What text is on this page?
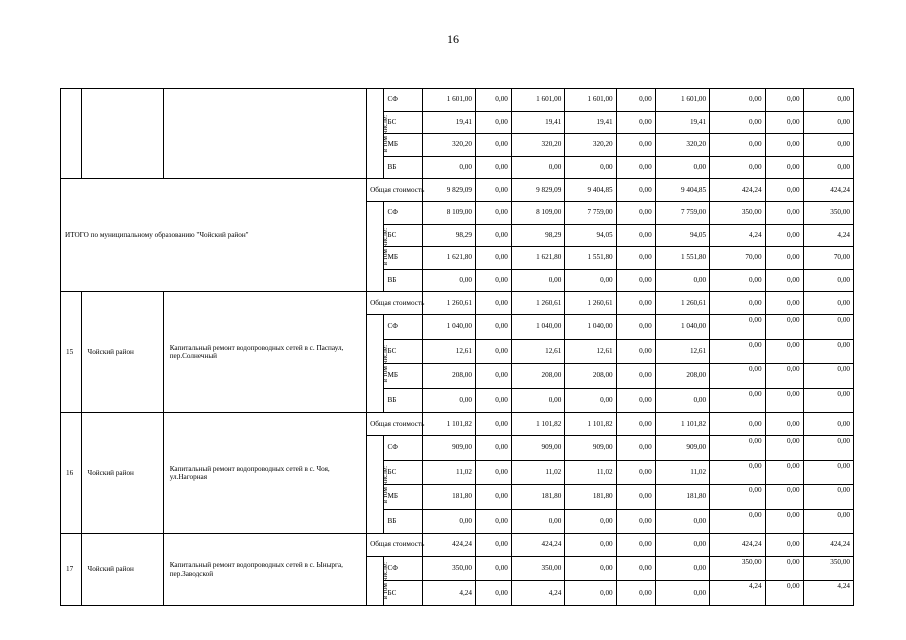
16
			в том числе:	СФ	1 601,00	0,00	1 601,00	1 601,00	0,00	1 601,00	0,00	0,00	0,00
				БС	19,41	0,00	19,41	19,41	0,00	19,41	0,00	0,00	0,00
				МБ	320,20	0,00	320,20	320,20	0,00	320,20	0,00	0,00	0,00
				ВБ	0,00	0,00	0,00	0,00	0,00	0,00	0,00	0,00	0,00
ИТОГО по муниципальному образованию "Чойский район"			Общая стоимость		9 829,09	0,00	9 829,09	9 404,85	0,00	9 404,85	424,24	0,00	424,24
			в том числе:	СФ	8 109,00	0,00	8 109,00	7 759,00	0,00	7 759,00	350,00	0,00	350,00
				БС	98,29	0,00	98,29	94,05	0,00	94,05	4,24	0,00	4,24
				МБ	1 621,80	0,00	1 621,80	1 551,80	0,00	1 551,80	70,00	0,00	70,00
				ВБ	0,00	0,00	0,00	0,00	0,00	0,00	0,00	0,00	0,00
15	Чойский район	Капитальный ремонт водопроводных сетей в с. Паспаул, пер.Солнечный	Общая стоимость		1 260,61	0,00	1 260,61	1 260,61	0,00	1 260,61	0,00	0,00	0,00
			в том числе:	СФ	1 040,00	0,00	1 040,00	1 040,00	0,00	1 040,00	0,00	0,00	0,00
				БС	12,61	0,00	12,61	12,61	0,00	12,61	0,00	0,00	0,00
				МБ	208,00	0,00	208,00	208,00	0,00	208,00	0,00	0,00	0,00
				ВБ	0,00	0,00	0,00	0,00	0,00	0,00	0,00	0,00	0,00
16	Чойский район	Капитальный ремонт водопроводных сетей в с. Чоя, ул.Нагорная	Общая стоимость		1 101,82	0,00	1 101,82	1 101,82	0,00	1 101,82	0,00	0,00	0,00
			в том числе:	СФ	909,00	0,00	909,00	909,00	0,00	909,00	0,00	0,00	0,00
				БС	11,02	0,00	11,02	11,02	0,00	11,02	0,00	0,00	0,00
				МБ	181,80	0,00	181,80	181,80	0,00	181,80	0,00	0,00	0,00
				ВБ	0,00	0,00	0,00	0,00	0,00	0,00	0,00	0,00	0,00
17	Чойский район	Капитальный ремонт водопроводных сетей в с. Ынырга, пер.Заводской	Общая стоимость		424,24	0,00	424,24	0,00	0,00	0,00	424,24	0,00	424,24
			в том числе:	СФ	350,00	0,00	350,00	0,00	0,00	0,00	350,00	0,00	350,00
				БС	4,24	0,00	4,24	0,00	0,00	0,00	4,24	0,00	4,24
